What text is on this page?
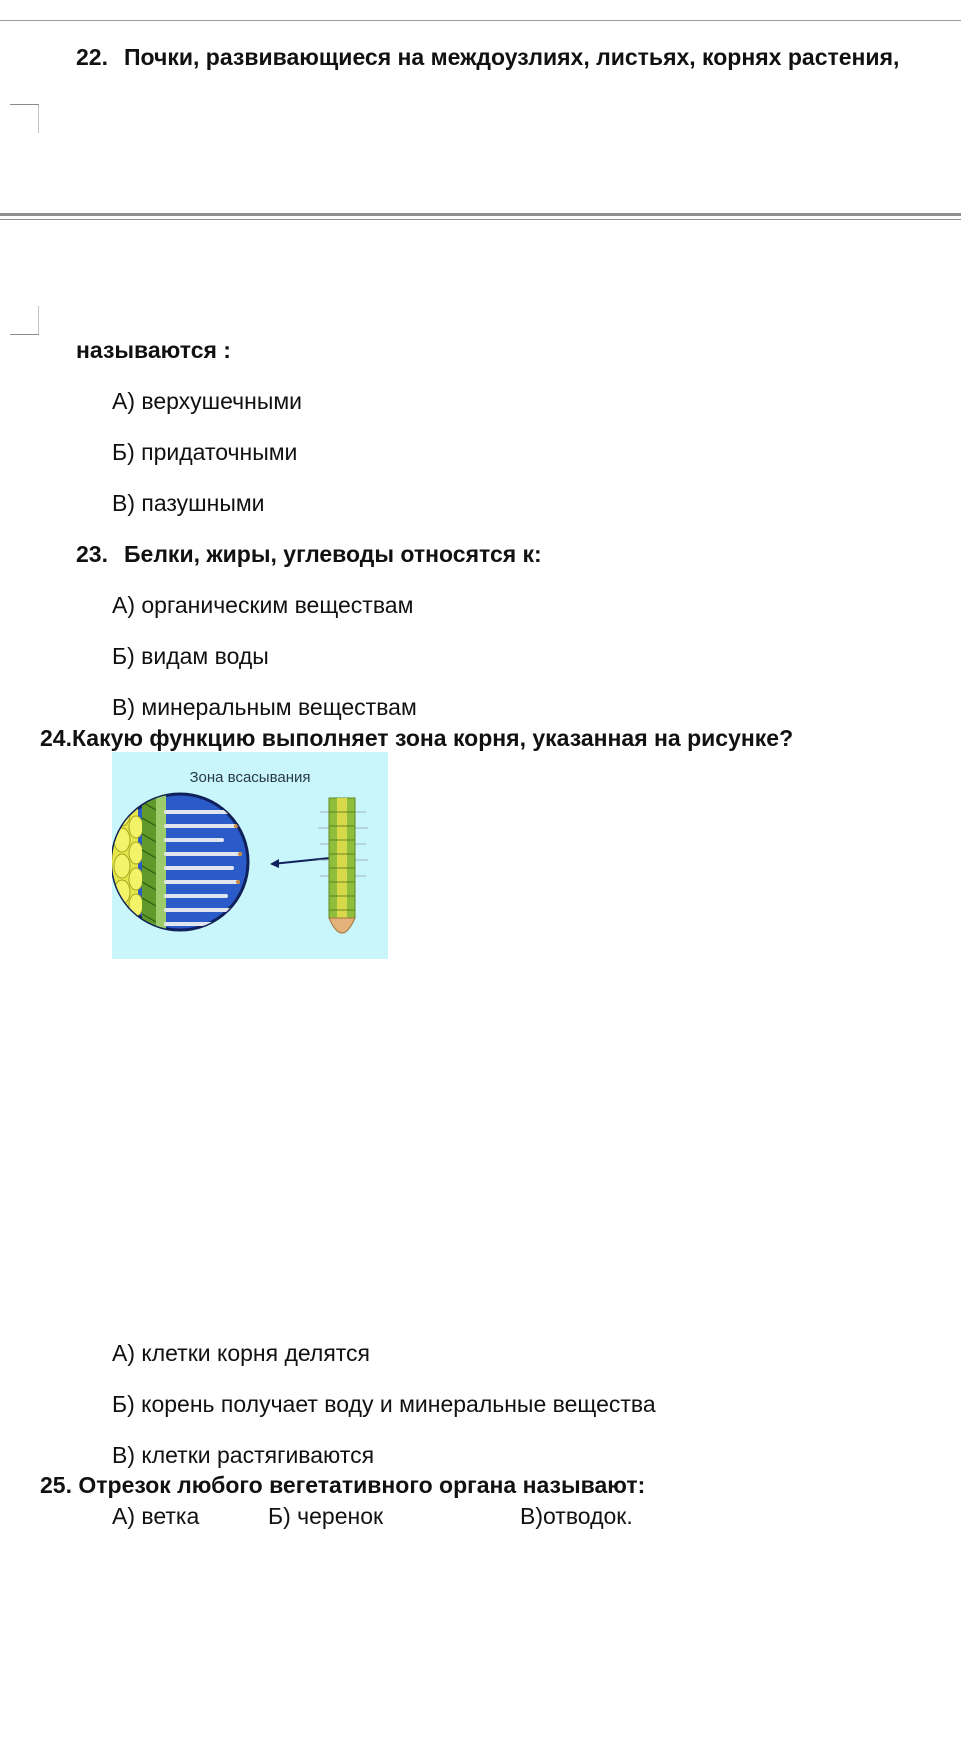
22. Почки, развивающиеся на междоузлиях, листьях, корнях растения,
называются :
А) верхушечными
Б) придаточными
В) пазушными
23. Белки, жиры, углеводы относятся к:
А) органическим веществам
Б) видам воды
В) минеральным веществам
24.Какую функцию выполняет зона корня, указанная на рисунке?
Зона всасывания
А) клетки корня делятся
Б) корень получает воду и минеральные вещества
В) клетки растягиваются
25. Отрезок любого вегетативного органа называют:
А) ветка	Б) черенок	В)отводок.
